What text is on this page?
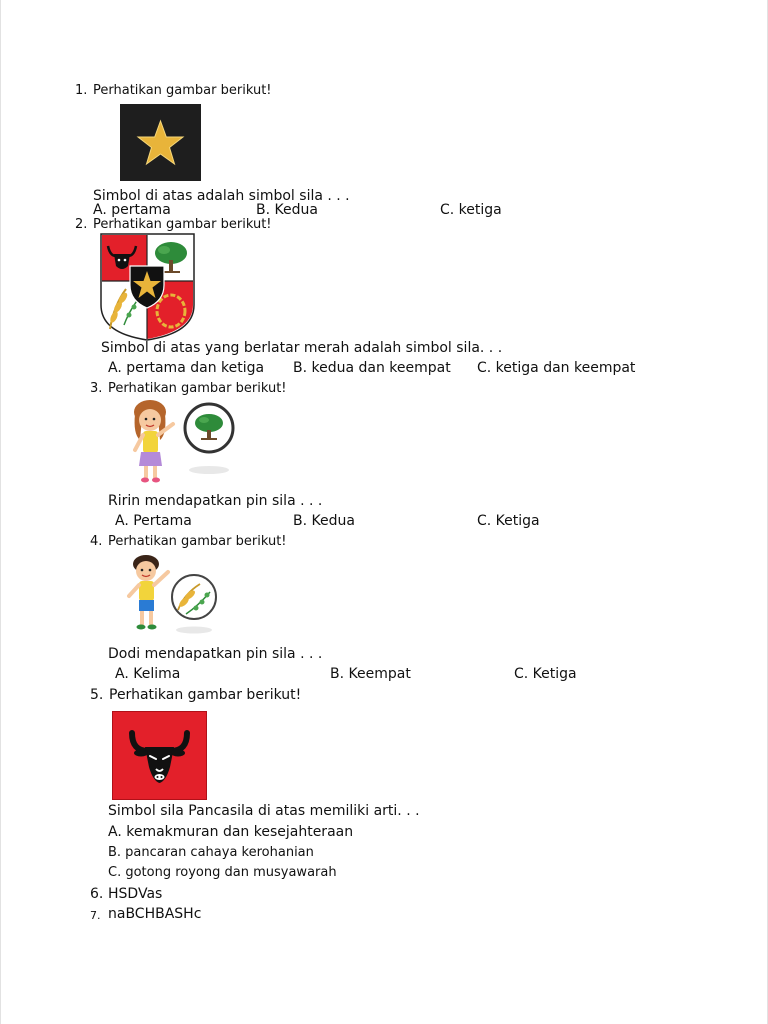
1. Perhatikan gambar berikut!
Simbol di atas adalah simbol sila . . .
A. pertama	B. Kedua	C. ketiga
2. Perhatikan gambar berikut!
Simbol di atas yang berlatar merah adalah simbol sila. . .
A. pertama dan ketiga B. kedua dan keempat C. ketiga dan keempat
3. Perhatikan gambar berikut!
Ririn mendapatkan pin sila . . .
A. Pertama	B. Kedua	C. Ketiga
4. Perhatikan gambar berikut!
Dodi mendapatkan pin sila . . .
A. Kelima	B. Keempat	C. Ketiga
5. Perhatikan gambar berikut!
Simbol sila Pancasila di atas memiliki arti. . .
A. kemakmuran dan kesejahteraan
B. pancaran cahaya kerohanian
C. gotong royong dan musyawarah
6. HSDVas
7. naBCHBASHc
